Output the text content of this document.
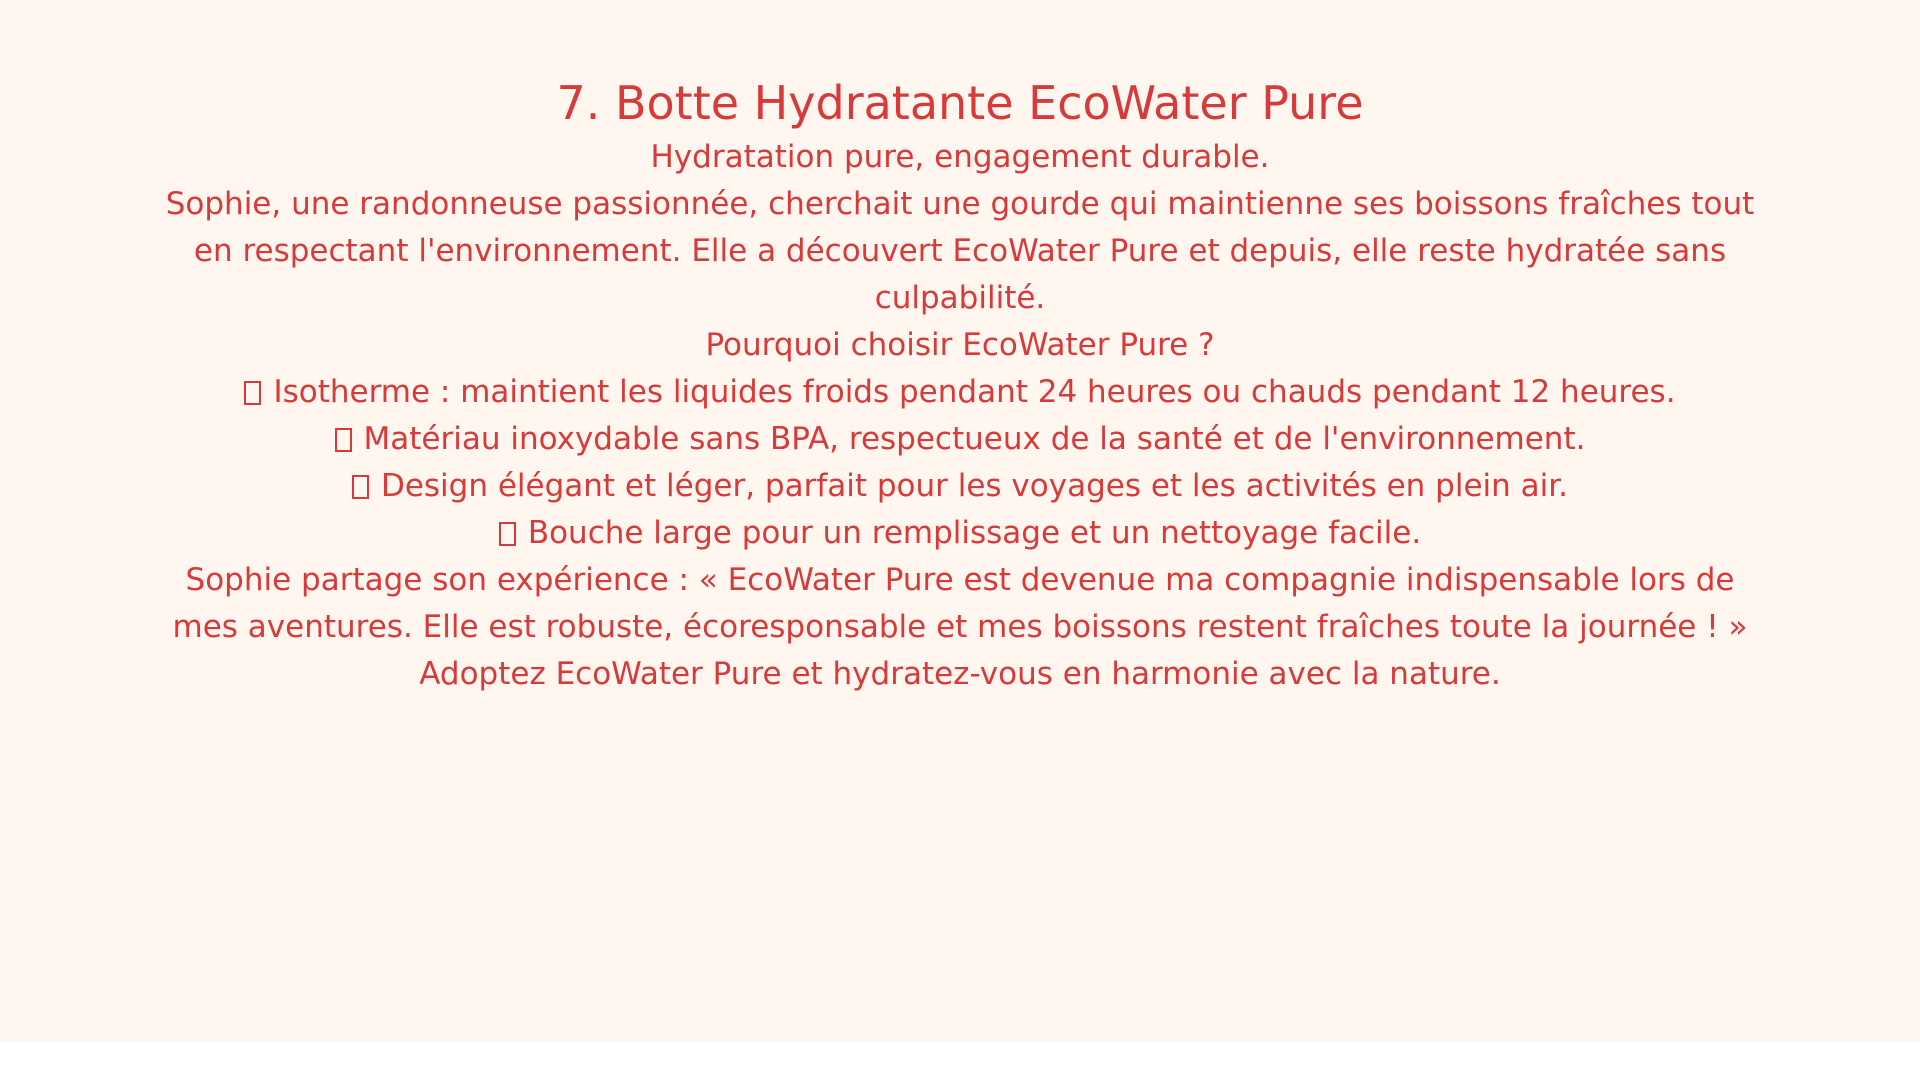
7. Botte Hydratante EcoWater Pure

Hydratation pure, engagement durable.

Sophie, une randonneuse passionnée, cherchait une gourde qui maintienne ses boissons fraîches tout en respectant l'environnement. Elle a découvert EcoWater Pure et depuis, elle reste hydratée sans culpabilité.

Pourquoi choisir EcoWater Pure ?

Isotherme : maintient les liquides froids pendant 24 heures ou chauds pendant 12 heures.

Matériau inoxydable sans BPA, respectueux de la santé et de l'environnement.

Design élégant et léger, parfait pour les voyages et les activités en plein air.

Bouche large pour un remplissage et un nettoyage facile.

Sophie partage son expérience : « EcoWater Pure est devenue ma compagnie indispensable lors de mes aventures. Elle est robuste, écoresponsable et mes boissons restent fraîches toute la journée ! »

Adoptez EcoWater Pure et hydratez-vous en harmonie avec la nature.
